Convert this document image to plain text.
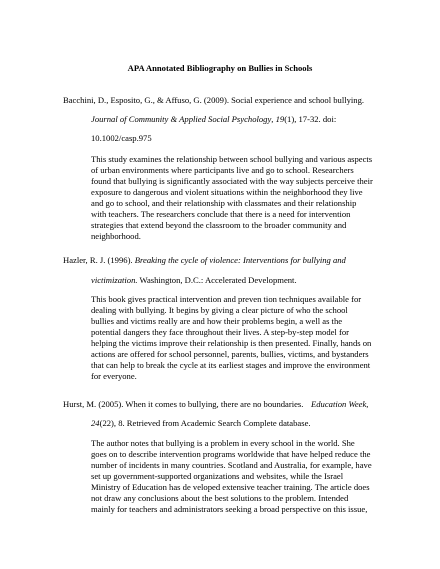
APA Annotated Bibliography on Bullies in Schools
Bacchini, D., Esposito, G., & Affuso, G. (2009). Social experience and school bullying.
Journal of Community & Applied Social Psychology, 19(1), 17-32. doi:
10.1002/casp.975
This study examines the relationship between school bullying and various aspects
of urban environments where participants live and go to school. Researchers
found that bullying is significantly associated with the way subjects perceive their
exposure to dangerous and violent situations within the neighborhood they live
and go to school, and their relationship with classmates and their relationship
with teachers. The researchers conclude that there is a need for intervention
strategies that extend beyond the classroom to the broader community and
neighborhood.
Hazler, R. J. (1996). Breaking the cycle of violence: Interventions for bullying and
victimization. Washington, D.C.: Accelerated Development.
This book gives practical intervention and preven tion techniques available for
dealing with bullying. It begins by giving a clear picture of who the school
bullies and victims really are and how their problems begin, a well as the
potential dangers they face throughout their lives. A step-by-step model for
helping the victims improve their relationship is then presented. Finally, hands on
actions are offered for school personnel, parents, bullies, victims, and bystanders
that can help to break the cycle at its earliest stages and improve the environment
for everyone.
Hurst, M. (2005). When it comes to bullying, there are no boundaries. Education Week,
24(22), 8. Retrieved from Academic Search Complete database.
The author notes that bullying is a problem in every school in the world. She
goes on to describe intervention programs worldwide that have helped reduce the
number of incidents in many countries. Scotland and Australia, for example, have
set up government-supported organizations and websites, while the Israel
Ministry of Education has de veloped extensive teacher training. The article does
not draw any conclusions about the best solutions to the problem. Intended
mainly for teachers and administrators seeking a broad perspective on this issue,
